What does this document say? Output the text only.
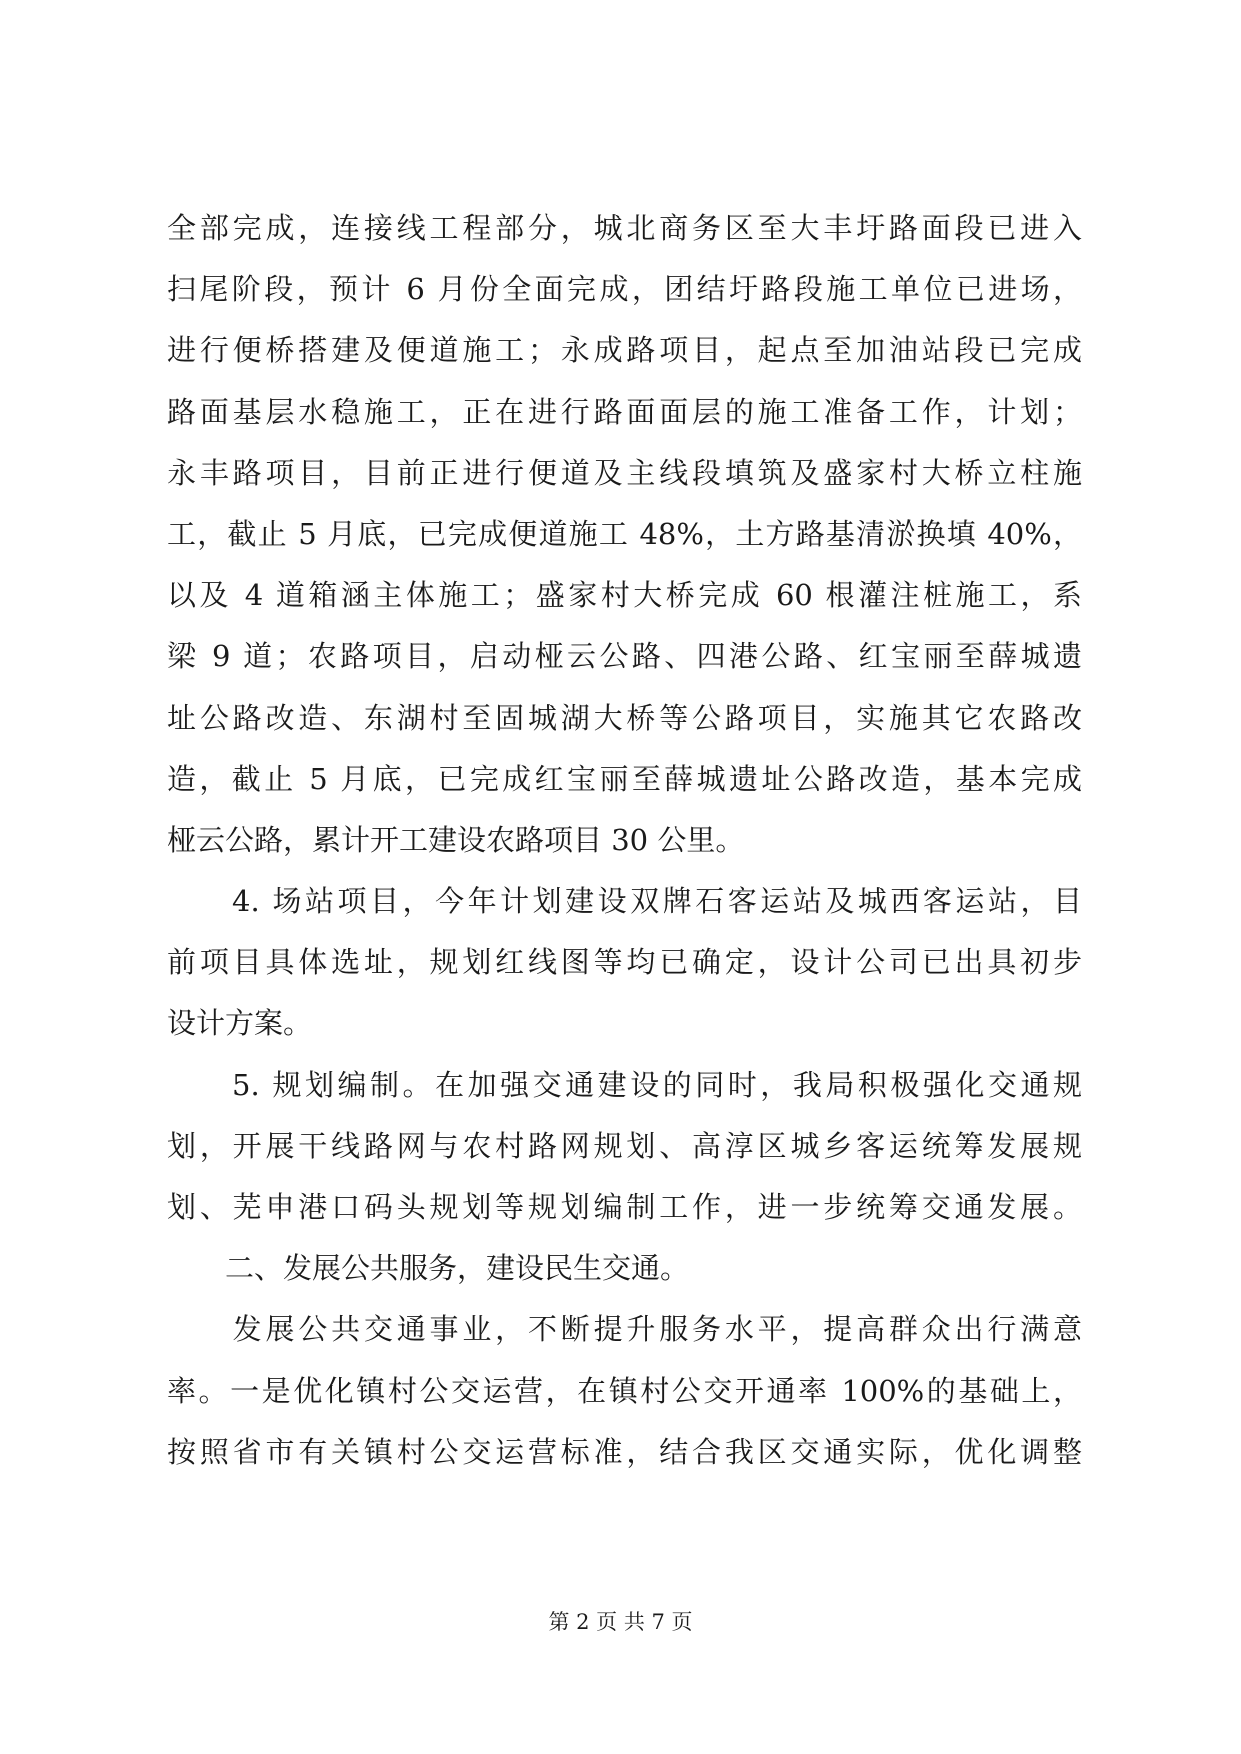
全部完成，连接线工程部分，城北商务区至大丰圩路面段已进入
扫尾阶段，预计 6 月份全面完成，团结圩路段施工单位已进场，
进行便桥搭建及便道施工；永成路项目，起点至加油站段已完成
路面基层水稳施工，正在进行路面面层的施工准备工作，计划；
永丰路项目，目前正进行便道及主线段填筑及盛家村大桥立柱施
工，截止 5 月底，已完成便道施工 48%，土方路基清淤换填 40%，
以及 4 道箱涵主体施工；盛家村大桥完成 60 根灌注桩施工，系
梁 9 道；农路项目，启动桠云公路、四港公路、红宝丽至薛城遗
址公路改造、东湖村至固城湖大桥等公路项目，实施其它农路改
造，截止 5 月底，已完成红宝丽至薛城遗址公路改造，基本完成
桠云公路，累计开工建设农路项目 30 公里。
　　4. 场站项目，今年计划建设双牌石客运站及城西客运站，目
前项目具体选址，规划红线图等均已确定，设计公司已出具初步
设计方案。
　　5. 规划编制。在加强交通建设的同时，我局积极强化交通规
划，开展干线路网与农村路网规划、高淳区城乡客运统筹发展规
划、芜申港口码头规划等规划编制工作，进一步统筹交通发展。
　　二、发展公共服务，建设民生交通。
　　发展公共交通事业，不断提升服务水平，提高群众出行满意
率。一是优化镇村公交运营，在镇村公交开通率 100%的基础上，
按照省市有关镇村公交运营标准，结合我区交通实际，优化调整
第 2 页 共 7 页
